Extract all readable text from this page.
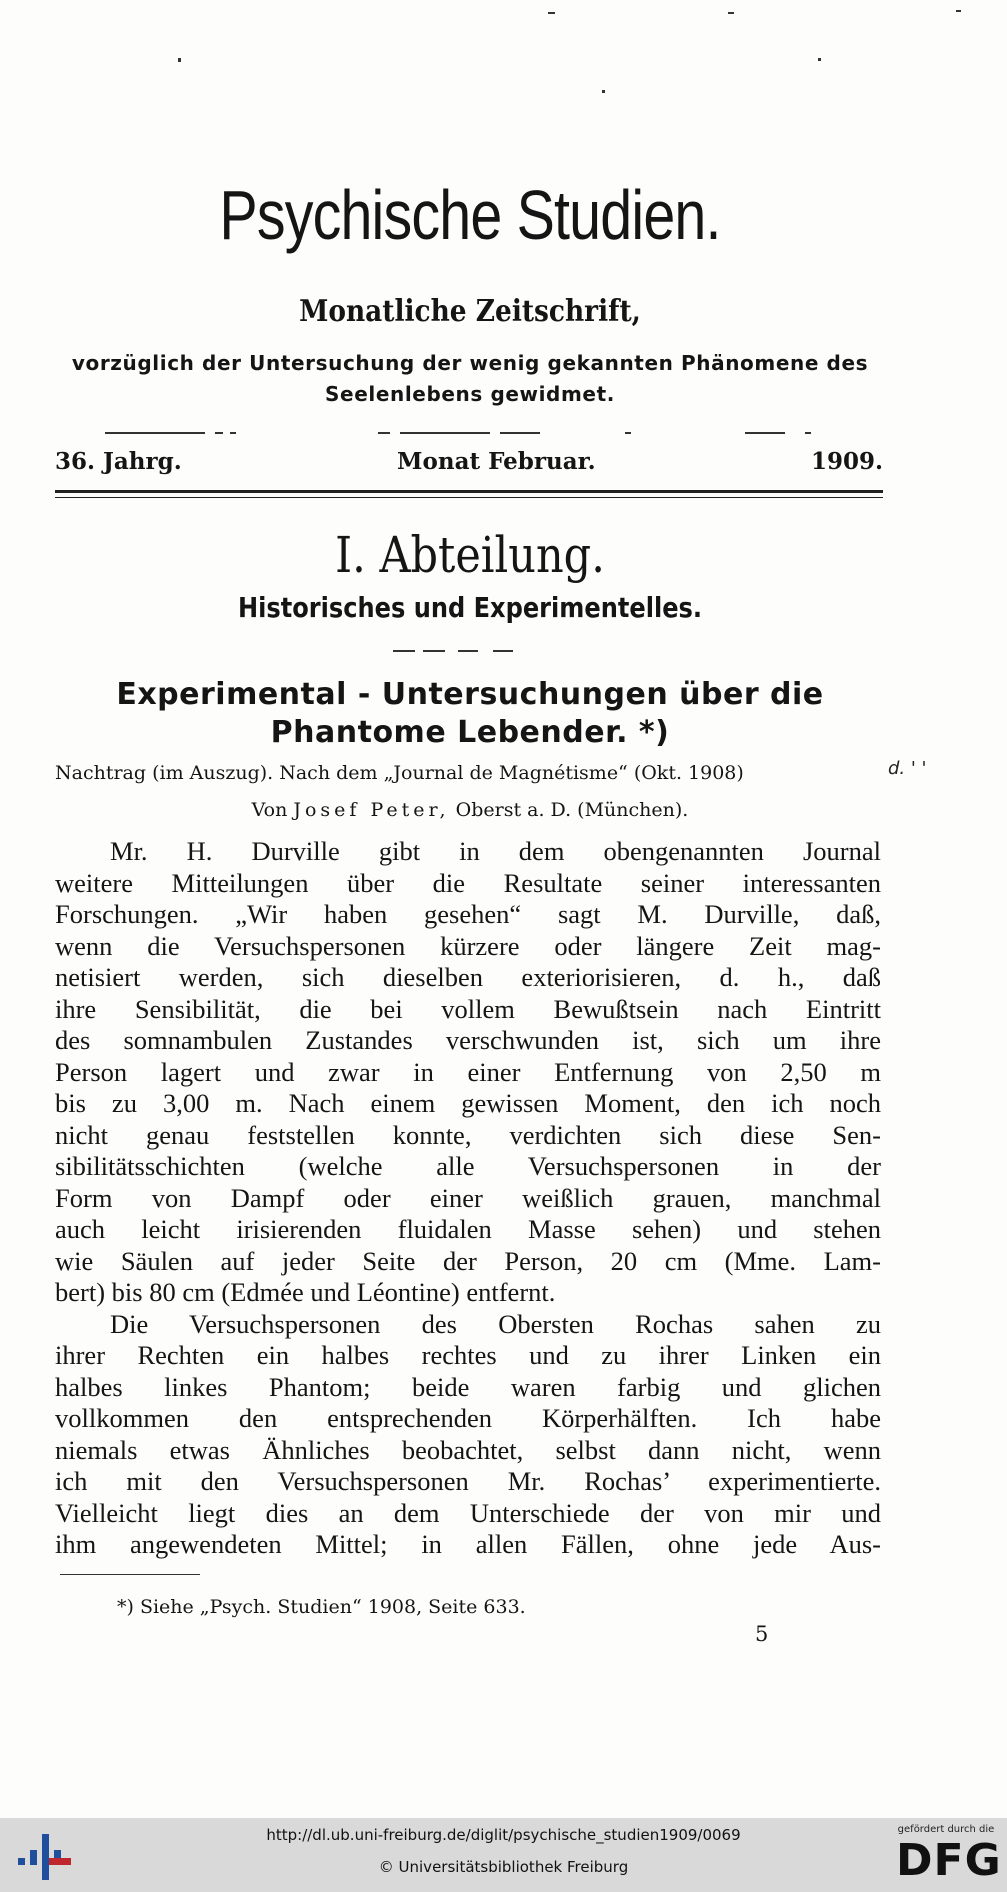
Psychische Studien.
Monatliche Zeitschrift,
vorzüglich der Untersuchung der wenig gekannten Phänomene des
Seelenlebens gewidmet.
36. Jahrg.	Monat Februar.	1909.
I. Abteilung.
Historisches und Experimentelles.
Experimental - Untersuchungen über die
Phantome Lebender. *)
Nachtrag (im Auszug). Nach dem „Journal de Magnétisme“ (Okt. 1908)	d. ' '
Von Josef Peter, Oberst a. D. (München).
Mr. H. Durville gibt in dem obengenannten Journal
weitere Mitteilungen über die Resultate seiner interessanten
Forschungen. „Wir haben gesehen“ sagt M. Durville, daß,
wenn die Versuchspersonen kürzere oder längere Zeit mag-
netisiert werden, sich dieselben exteriorisieren, d. h., daß
ihre Sensibilität, die bei vollem Bewußtsein nach Eintritt
des somnambulen Zustandes verschwunden ist, sich um ihre
Person lagert und zwar in einer Entfernung von 2,50 m
bis zu 3,00 m. Nach einem gewissen Moment, den ich noch
nicht genau feststellen konnte, verdichten sich diese Sen-
sibilitätsschichten (welche alle Versuchspersonen in der
Form von Dampf oder einer weißlich grauen, manchmal
auch leicht irisierenden fluidalen Masse sehen) und stehen
wie Säulen auf jeder Seite der Person, 20 cm (Mme. Lam-
bert) bis 80 cm (Edmée und Léontine) entfernt.
Die Versuchspersonen des Obersten Rochas sahen zu
ihrer Rechten ein halbes rechtes und zu ihrer Linken ein
halbes linkes Phantom; beide waren farbig und glichen
vollkommen den entsprechenden Körperhälften. Ich habe
niemals etwas Ähnliches beobachtet, selbst dann nicht, wenn
ich mit den Versuchspersonen Mr. Rochas’ experimentierte.
Vielleicht liegt dies an dem Unterschiede der von mir und
ihm angewendeten Mittel; in allen Fällen, ohne jede Aus-
*) Siehe „Psych. Studien“ 1908, Seite 633.
5
http://dl.ub.uni-freiburg.de/diglit/psychische_studien1909/0069
© Universitätsbibliothek Freiburg
gefördert durch die
DFG
